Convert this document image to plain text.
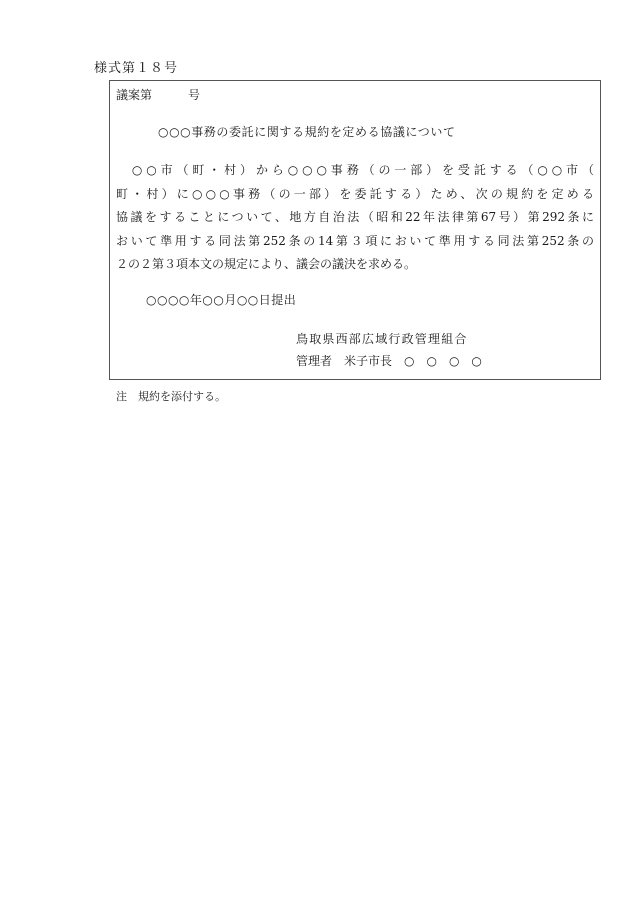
様式第１８号
議案第　　　号
○○○事務の委託に関する規約を定める協議について
　○○市（町・村）から○○○事務（の一部）を受託する（○○市（
町・村）に○○○事務（の一部）を委託する）ため、次の規約を定める
協議をすることについて、地方自治法（昭和22年法律第67号）第292条に
おいて準用する同法第252条の14第３項において準用する同法第252条の
２の２第３項本文の規定により、議会の議決を求める。
○○○○年○○月○○日提出
鳥取県西部広域行政管理組合
管理者　米子市長　○　○　○　○
注　規約を添付する。
